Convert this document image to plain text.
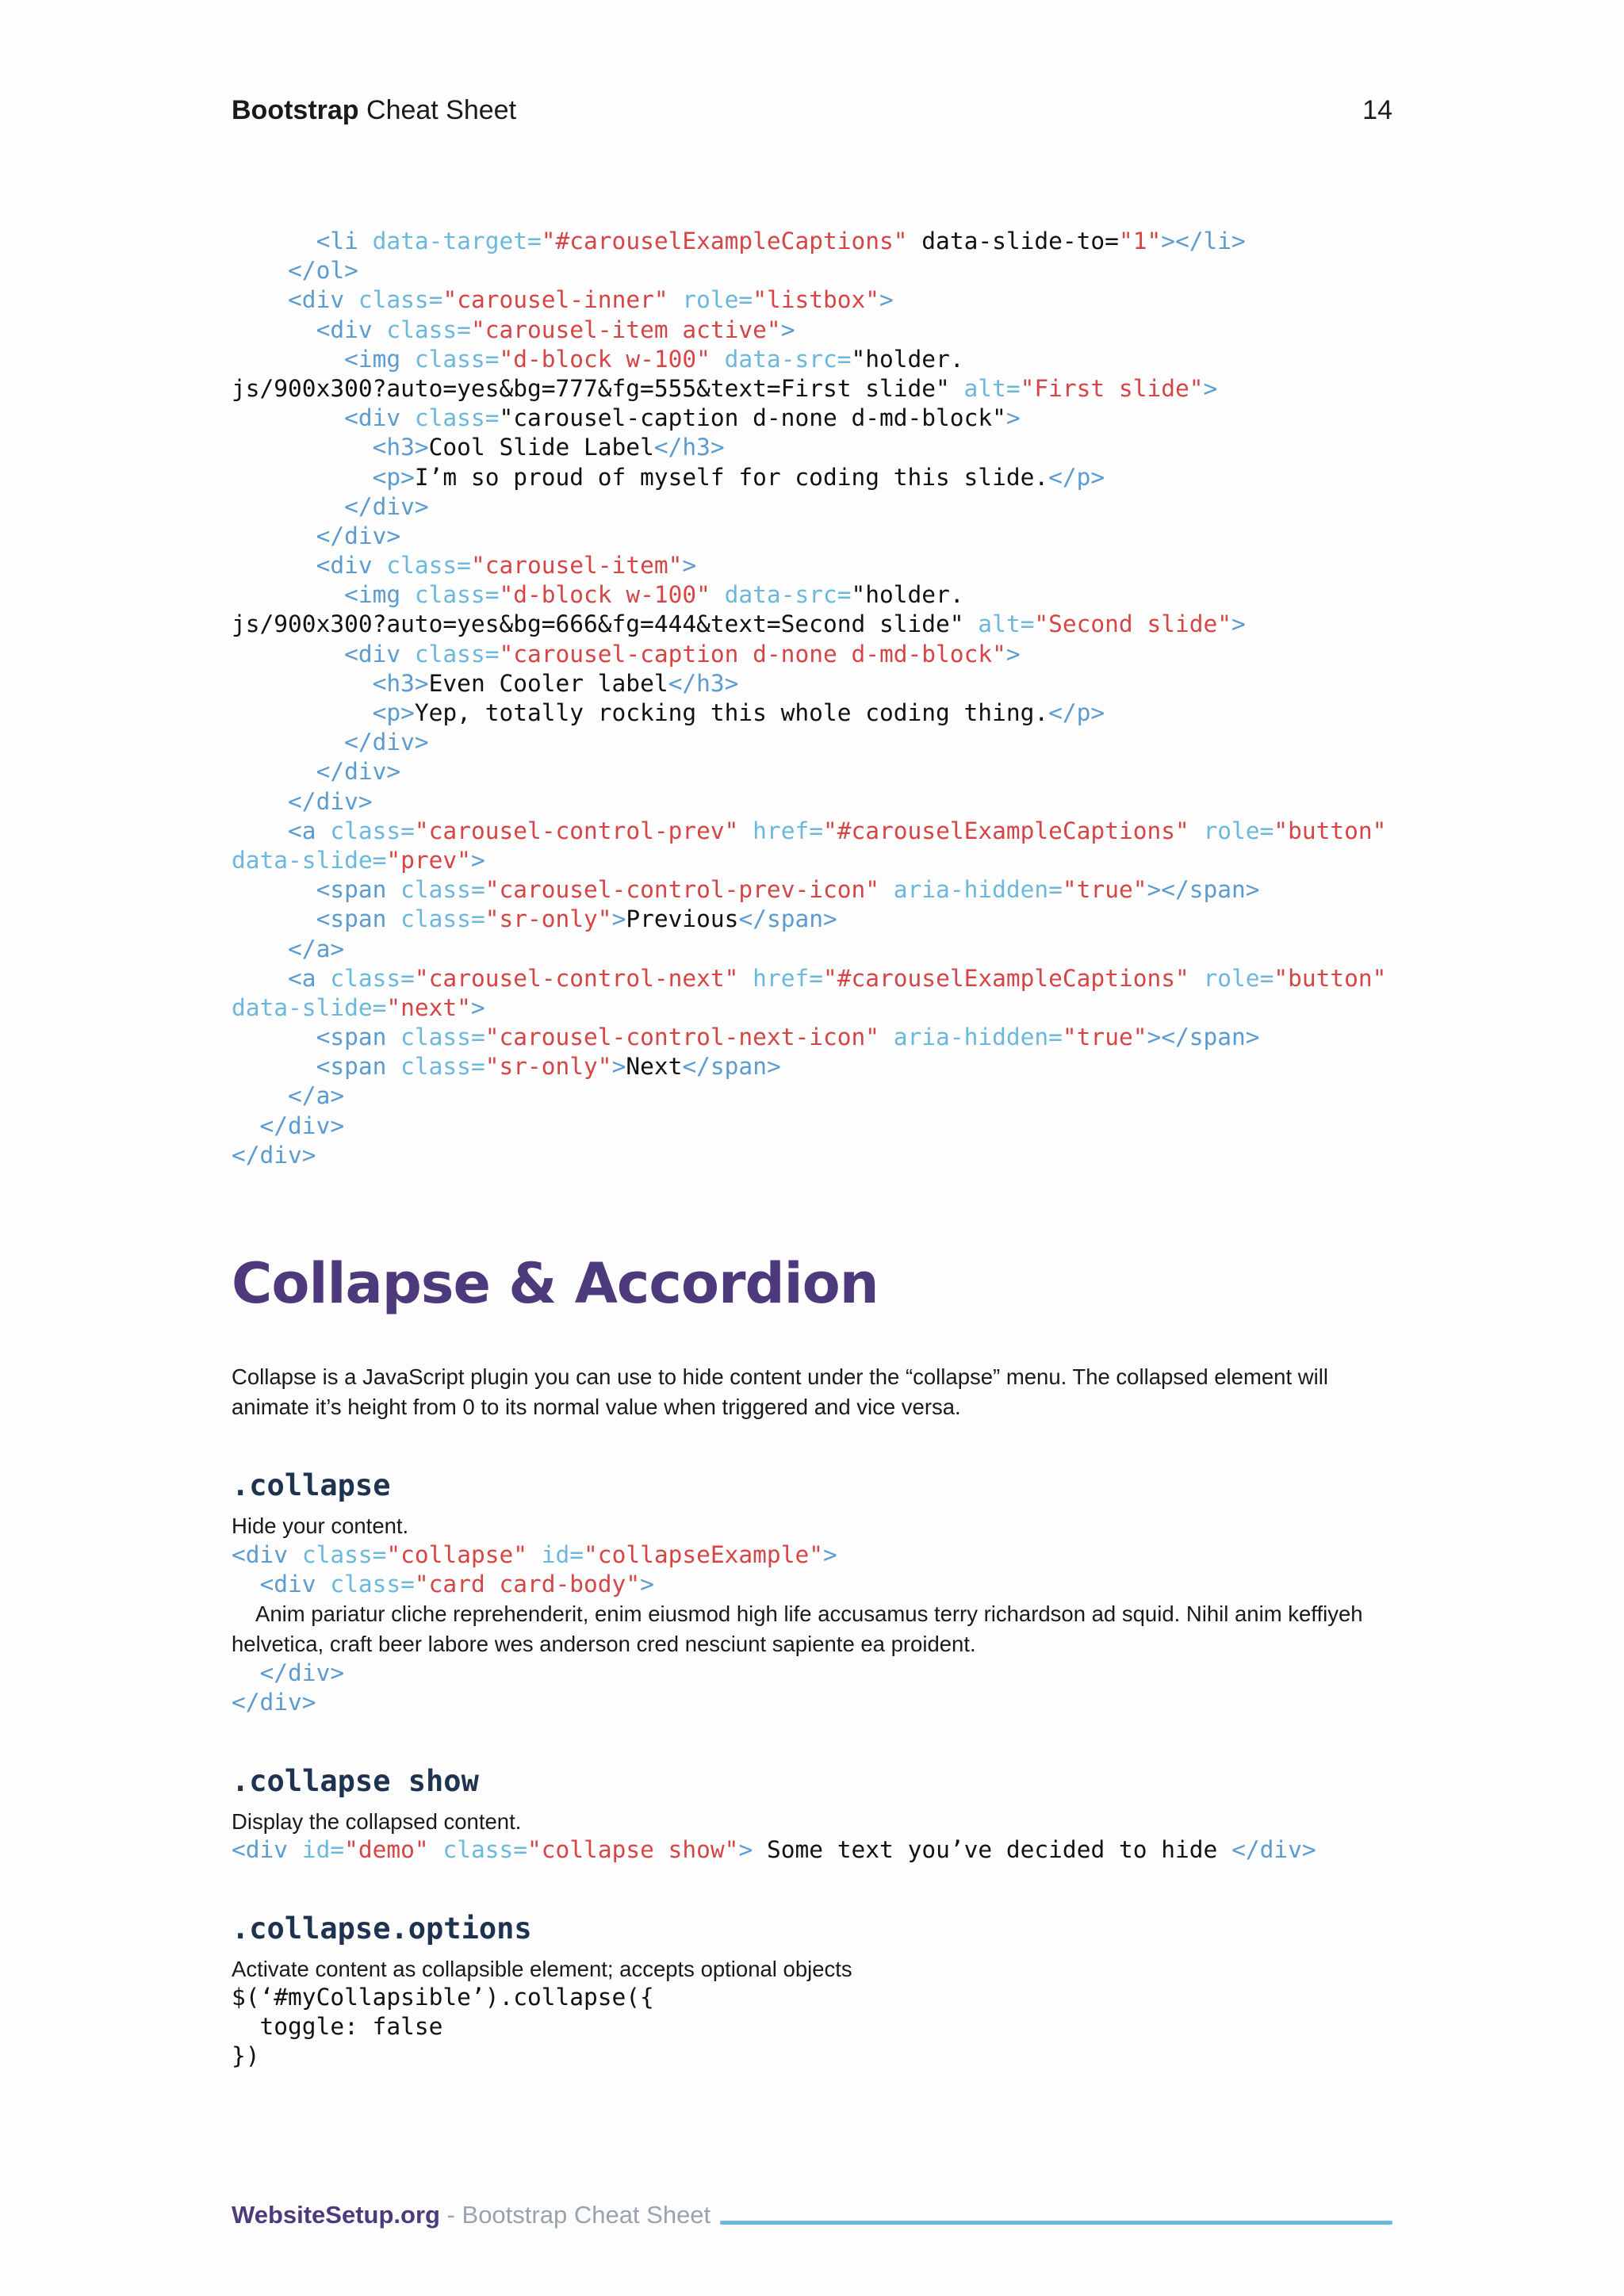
Bootstrap Cheat Sheet	14
<li data-target="#carouselExampleCaptions" data-slide-to="1"></li>
</ol>
<div class="carousel-inner" role="listbox">
<div class="carousel-item active">
<img class="d-block w-100" data-src="holder.
js/900x300?auto=yes&bg=777&fg=555&text=First slide" alt="First slide">
<div class="carousel-caption d-none d-md-block">
<h3>Cool Slide Label</h3>
<p>I’m so proud of myself for coding this slide.</p>
</div>
</div>
<div class="carousel-item">
<img class="d-block w-100" data-src="holder.
js/900x300?auto=yes&bg=666&fg=444&text=Second slide" alt="Second slide">
<div class="carousel-caption d-none d-md-block">
<h3>Even Cooler label</h3>
<p>Yep, totally rocking this whole coding thing.</p>
</div>
</div>
</div>
<a class="carousel-control-prev" href="#carouselExampleCaptions" role="button"
data-slide="prev">
<span class="carousel-control-prev-icon" aria-hidden="true"></span>
<span class="sr-only">Previous</span>
</a>
<a class="carousel-control-next" href="#carouselExampleCaptions" role="button"
data-slide="next">
<span class="carousel-control-next-icon" aria-hidden="true"></span>
<span class="sr-only">Next</span>
</a>
</div>
</div>
Collapse & Accordion

Collapse is a JavaScript plugin you can use to hide content under the “collapse” menu. The collapsed element will animate it’s height from 0 to its normal value when triggered and vice versa.

.collapse

Hide your content.

<div class="collapse" id="collapseExample">
<div class="card card-body">

Anim pariatur cliche reprehenderit, enim eiusmod high life accusamus terry richardson ad squid. Nihil anim keffiyeh helvetica, craft beer labore wes anderson cred nesciunt sapiente ea proident.

</div>
</div>
.collapse show

Display the collapsed content.

<div id="demo" class="collapse show"> Some text you’ve decided to hide </div>
.collapse.options

Activate content as collapsible element; accepts optional objects

$(‘#myCollapsible’).collapse({
toggle: false
})
WebsiteSetup.org - Bootstrap Cheat Sheet
